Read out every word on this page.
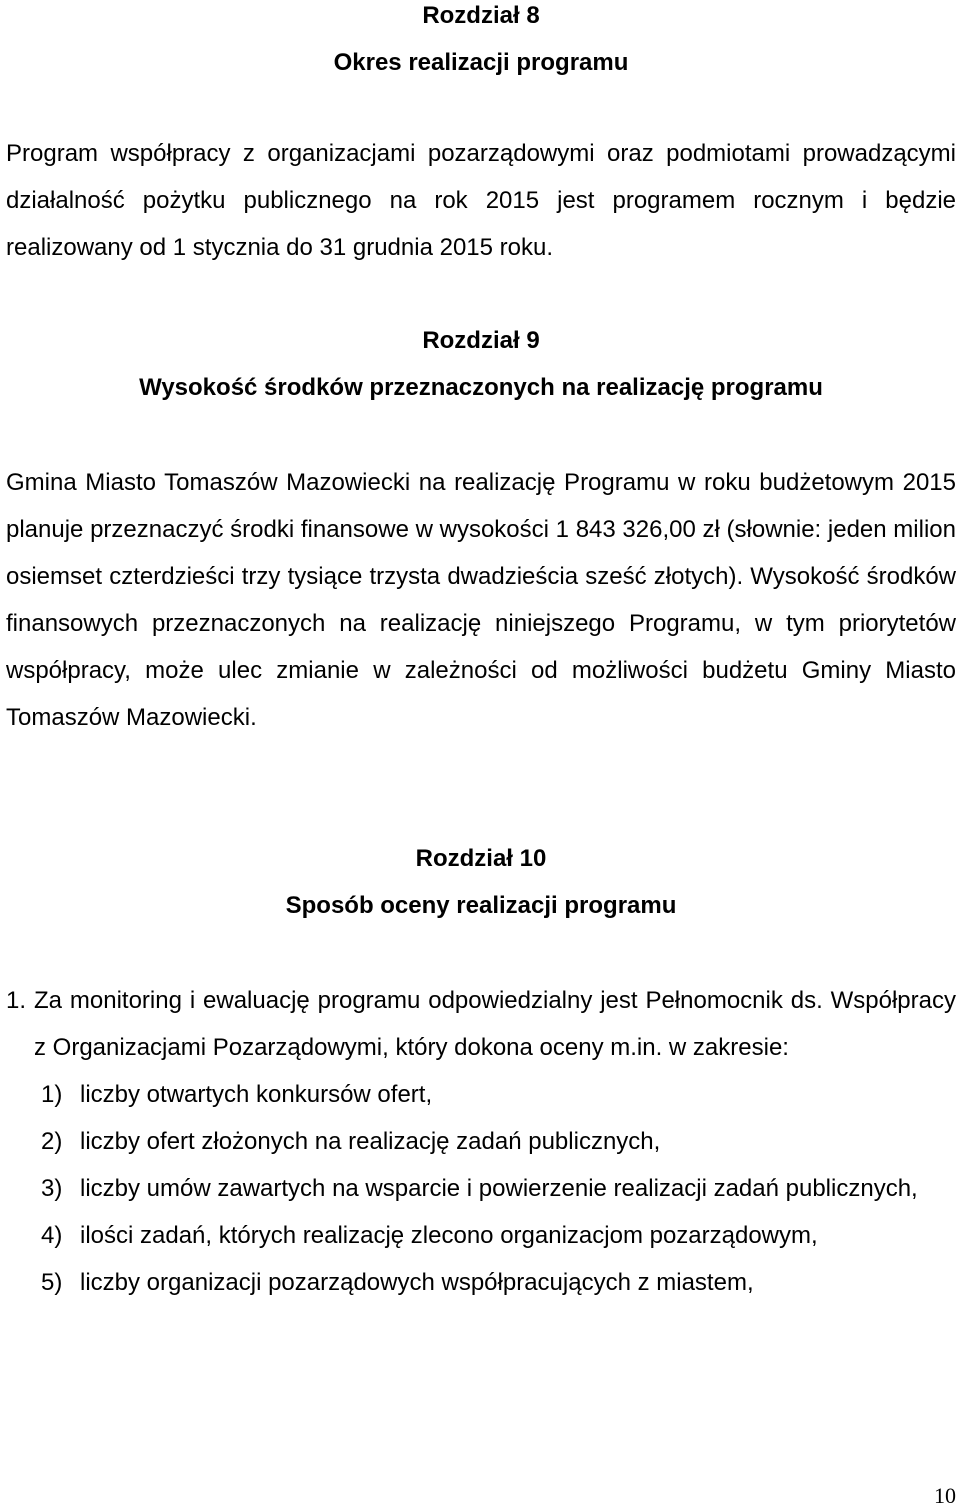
Rozdział 8
Okres realizacji programu

Program współpracy z organizacjami pozarządowymi oraz podmiotami prowadzącymi działalność pożytku publicznego na rok 2015 jest programem rocznym i będzie realizowany od 1 stycznia do 31 grudnia 2015 roku.

Rozdział 9
Wysokość środków przeznaczonych na realizację programu

Gmina Miasto Tomaszów Mazowiecki na realizację Programu w roku budżetowym 2015 planuje przeznaczyć środki finansowe w wysokości 1 843 326,00 zł (słownie: jeden milion osiemset czterdzieści trzy tysiące trzysta dwadzieścia sześć złotych). Wysokość środków finansowych przeznaczonych na realizację niniejszego Programu, w tym priorytetów współpracy, może ulec zmianie w zależności od możliwości budżetu Gminy Miasto Tomaszów Mazowiecki.

Rozdział 10
Sposób oceny realizacji programu
1. Za monitoring i ewaluację programu odpowiedzialny jest Pełnomocnik ds. Współpracy z Organizacjami Pozarządowymi, który dokona oceny m.in. w zakresie:
1) liczby otwartych konkursów ofert,
2) liczby ofert złożonych na realizację zadań publicznych,
3) liczby umów zawartych na wsparcie i powierzenie realizacji zadań publicznych,
4) ilości zadań, których realizację zlecono organizacjom pozarządowym,
5) liczby organizacji pozarządowych współpracujących z miastem,
10
